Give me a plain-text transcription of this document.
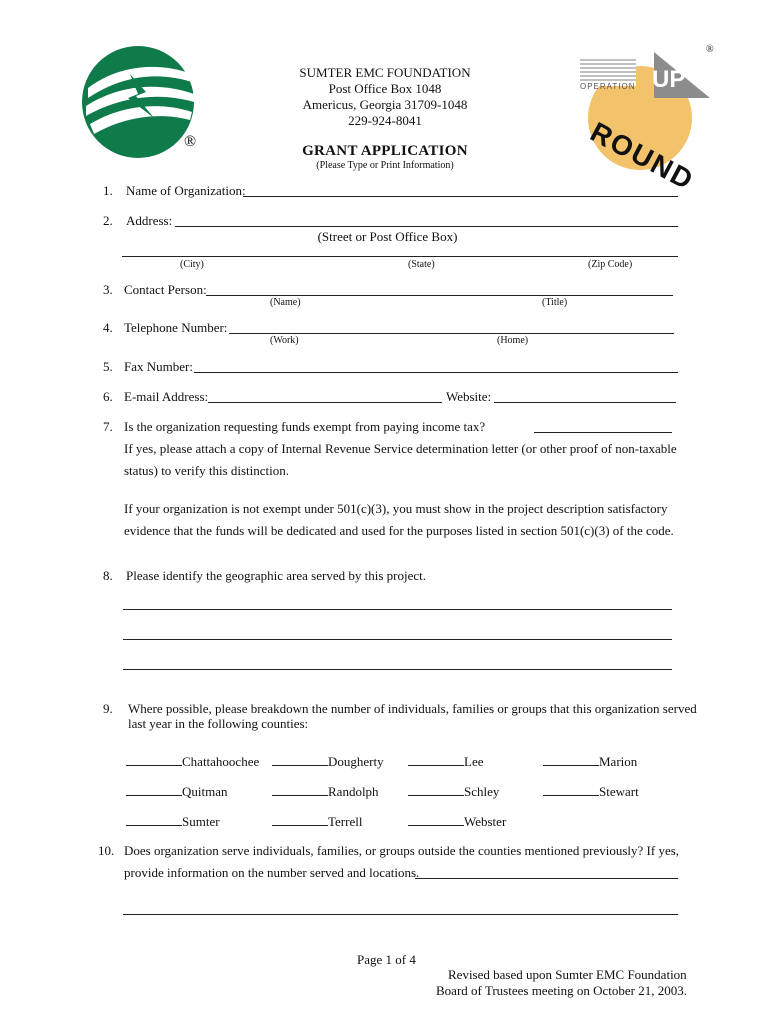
®
OPERATION UP
ROUND
®
SUMTER EMC FOUNDATION
Post Office Box 1048
Americus, Georgia 31709-1048
229-924-8041
GRANT APPLICATION
(Please Type or Print Information)
1. Name of Organization:
2. Address:
(Street or Post Office Box)
(City)	(State)	(Zip Code)
3. Contact Person:
(Name)	(Title)
4. Telephone Number:
(Work)	(Home)
5. Fax Number:
6. E-mail Address:	Website:
7. Is the organization requesting funds exempt from paying income tax?
If yes, please attach a copy of Internal Revenue Service determination letter (or other proof of non-taxable
status) to verify this distinction.
If your organization is not exempt under 501(c)(3), you must show in the project description satisfactory
evidence that the funds will be dedicated and used for the purposes listed in section 501(c)(3) of the code.
8. Please identify the geographic area served by this project.
9. Where possible, please breakdown the number of individuals, families or groups that this organization served
last year in the following counties:
Chattahoochee	Dougherty	Lee	Marion
Quitman	Randolph	Schley	Stewart
Sumter	Terrell	Webster
10. Does organization serve individuals, families, or groups outside the counties mentioned previously? If yes,
provide information on the number served and locations.
Page 1 of 4
Revised based upon Sumter EMC Foundation
Board of Trustees meeting on October 21, 2003.
